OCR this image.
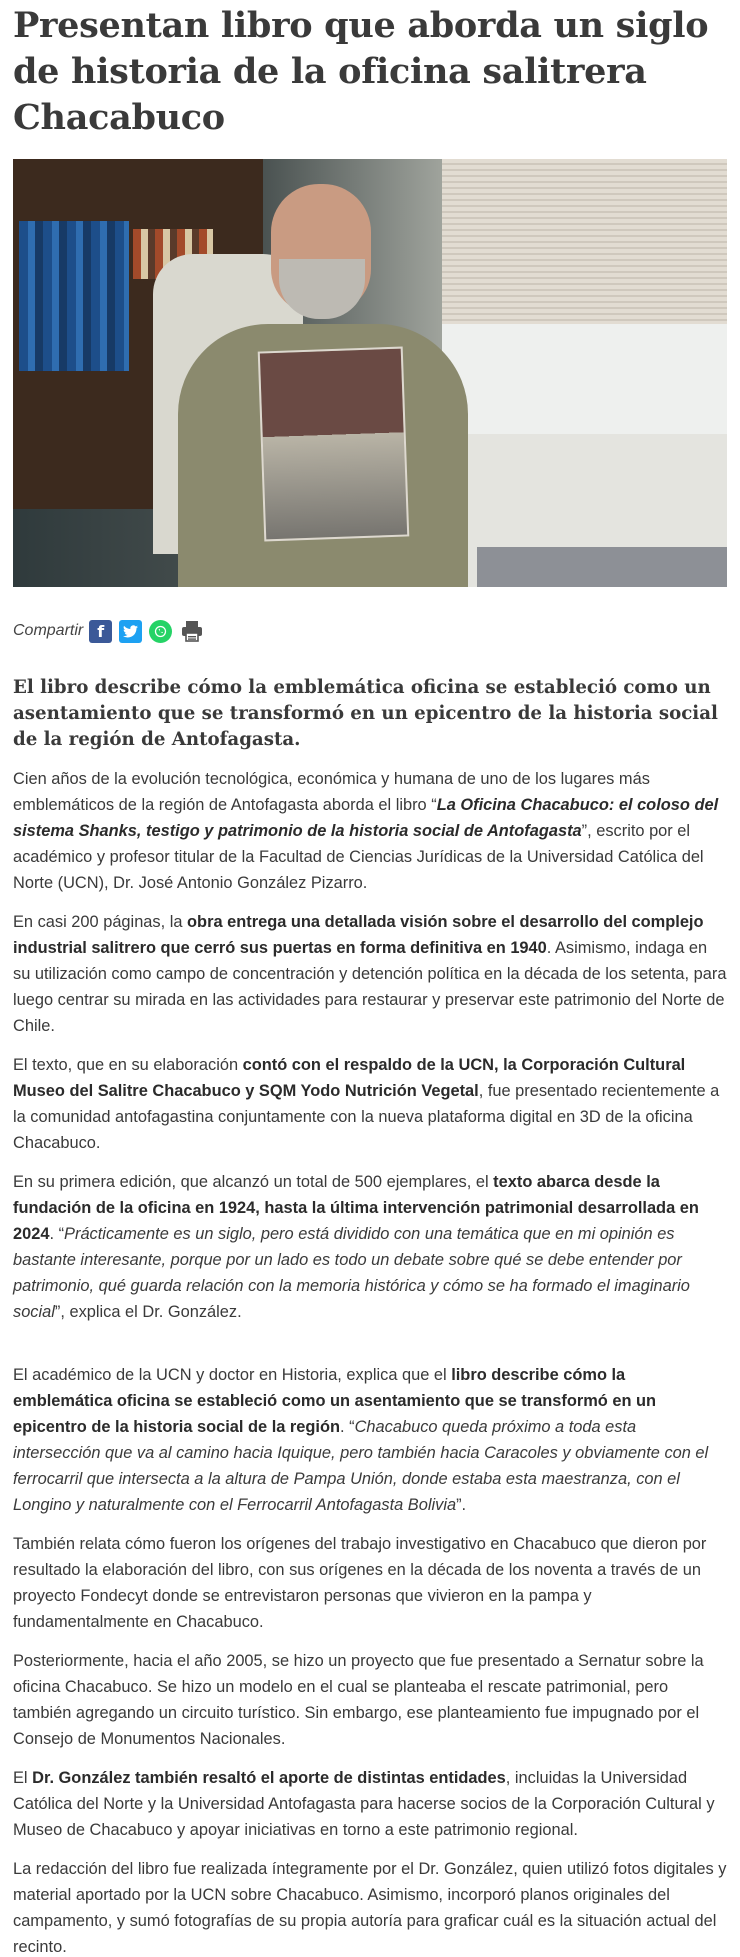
Presentan libro que aborda un siglo de historia de la oficina salitrera Chacabuco
Compartir f

El libro describe cómo la emblemática oficina se estableció como un asentamiento que se transformó en un epicentro de la historia social de la región de Antofagasta.

Cien años de la evolución tecnológica, económica y humana de uno de los lugares más emblemáticos de la región de Antofagasta aborda el libro “La Oficina Chacabuco: el coloso del sistema Shanks, testigo y patrimonio de la historia social de Antofagasta”, escrito por el académico y profesor titular de la Facultad de Ciencias Jurídicas de la Universidad Católica del Norte (UCN), Dr. José Antonio González Pizarro.

En casi 200 páginas, la obra entrega una detallada visión sobre el desarrollo del complejo industrial salitrero que cerró sus puertas en forma definitiva en 1940. Asimismo, indaga en su utilización como campo de concentración y detención política en la década de los setenta, para luego centrar su mirada en las actividades para restaurar y preservar este patrimonio del Norte de Chile.

El texto, que en su elaboración contó con el respaldo de la UCN, la Corporación Cultural Museo del Salitre Chacabuco y SQM Yodo Nutrición Vegetal, fue presentado recientemente a la comunidad antofagastina conjuntamente con la nueva plataforma digital en 3D de la oficina Chacabuco.

En su primera edición, que alcanzó un total de 500 ejemplares, el texto abarca desde la fundación de la oficina en 1924, hasta la última intervención patrimonial desarrollada en 2024. “Prácticamente es un siglo, pero está dividido con una temática que en mi opinión es bastante interesante, porque por un lado es todo un debate sobre qué se debe entender por patrimonio, qué guarda relación con la memoria histórica y cómo se ha formado el imaginario social”, explica el Dr. González.

El académico de la UCN y doctor en Historia, explica que el libro describe cómo la emblemática oficina se estableció como un asentamiento que se transformó en un epicentro de la historia social de la región. “Chacabuco queda próximo a toda esta intersección que va al camino hacia Iquique, pero también hacia Caracoles y obviamente con el ferrocarril que intersecta a la altura de Pampa Unión, donde estaba esta maestranza, con el Longino y naturalmente con el Ferrocarril Antofagasta Bolivia”.

También relata cómo fueron los orígenes del trabajo investigativo en Chacabuco que dieron por resultado la elaboración del libro, con sus orígenes en la década de los noventa a través de un proyecto Fondecyt donde se entrevistaron personas que vivieron en la pampa y fundamentalmente en Chacabuco.

Posteriormente, hacia el año 2005, se hizo un proyecto que fue presentado a Sernatur sobre la oficina Chacabuco. Se hizo un modelo en el cual se planteaba el rescate patrimonial, pero también agregando un circuito turístico. Sin embargo, ese planteamiento fue impugnado por el Consejo de Monumentos Nacionales.

El Dr. González también resaltó el aporte de distintas entidades, incluidas la Universidad Católica del Norte y la Universidad Antofagasta para hacerse socios de la Corporación Cultural y Museo de Chacabuco y apoyar iniciativas en torno a este patrimonio regional.

La redacción del libro fue realizada íntegramente por el Dr. González, quien utilizó fotos digitales y material aportado por la UCN sobre Chacabuco. Asimismo, incorporó planos originales del campamento, y sumó fotografías de su propia autoría para graficar cuál es la situación actual del recinto.
